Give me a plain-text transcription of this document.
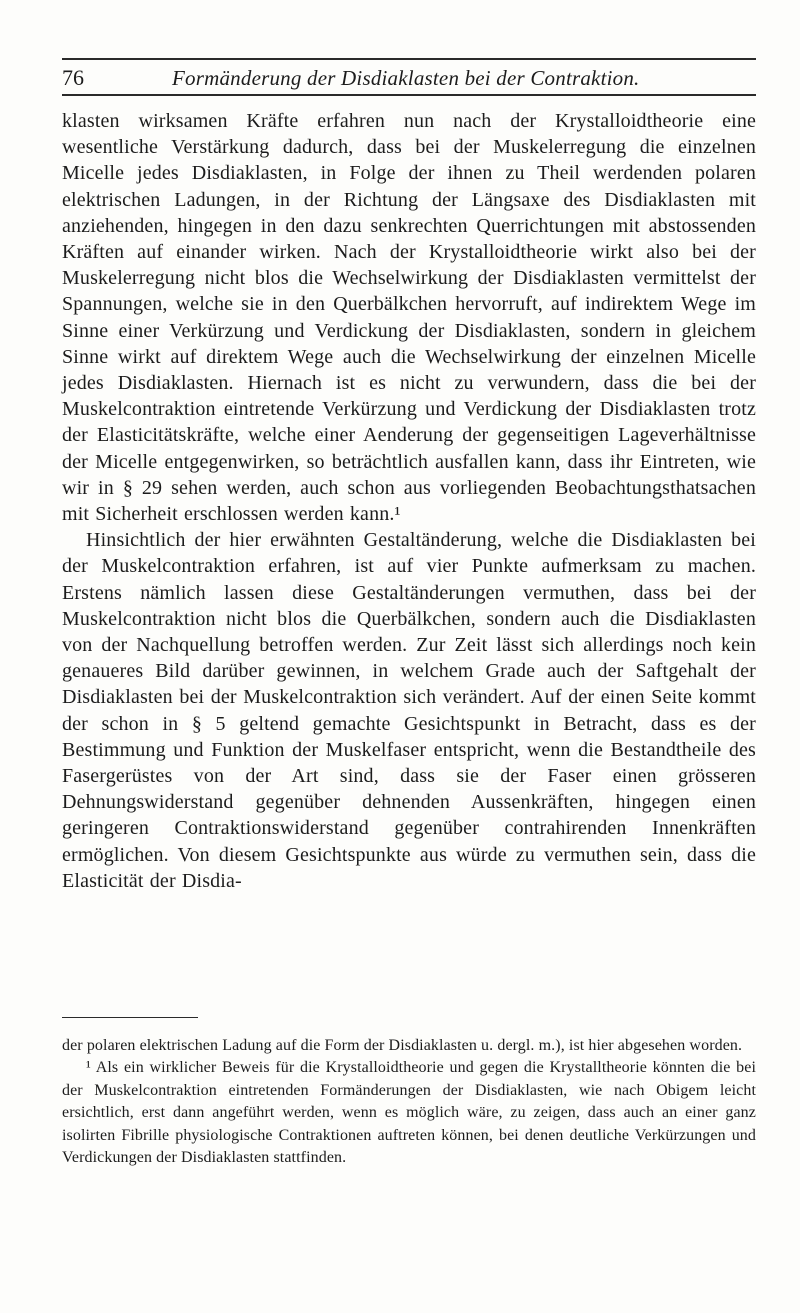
76	Formänderung der Disdiaklasten bei der Contraktion.

klasten wirksamen Kräfte erfahren nun nach der Krystalloidtheorie eine wesentliche Verstärkung dadurch, dass bei der Muskelerregung die einzelnen Micelle jedes Disdiaklasten, in Folge der ihnen zu Theil werdenden polaren elektrischen Ladungen, in der Richtung der Längsaxe des Disdiaklasten mit anziehenden, hingegen in den dazu senkrechten Querrichtungen mit abstossenden Kräften auf einander wirken. Nach der Krystalloidtheorie wirkt also bei der Muskelerregung nicht blos die Wechselwirkung der Disdiaklasten vermittelst der Spannungen, welche sie in den Querbälkchen hervorruft, auf indirektem Wege im Sinne einer Verkürzung und Verdickung der Disdiaklasten, sondern in gleichem Sinne wirkt auf direktem Wege auch die Wechselwirkung der einzelnen Micelle jedes Disdiaklasten. Hiernach ist es nicht zu verwundern, dass die bei der Muskelcontraktion eintretende Verkürzung und Verdickung der Disdiaklasten trotz der Elasticitätskräfte, welche einer Aenderung der gegenseitigen Lageverhältnisse der Micelle entgegenwirken, so beträchtlich ausfallen kann, dass ihr Eintreten, wie wir in § 29 sehen werden, auch schon aus vorliegenden Beobachtungsthatsachen mit Sicherheit erschlossen werden kann.¹

Hinsichtlich der hier erwähnten Gestaltänderung, welche die Disdiaklasten bei der Muskelcontraktion erfahren, ist auf vier Punkte aufmerksam zu machen. Erstens nämlich lassen diese Gestaltänderungen vermuthen, dass bei der Muskelcontraktion nicht blos die Querbälkchen, sondern auch die Disdiaklasten von der Nachquellung betroffen werden. Zur Zeit lässt sich allerdings noch kein genaueres Bild darüber gewinnen, in welchem Grade auch der Saftgehalt der Disdiaklasten bei der Muskelcontraktion sich verändert. Auf der einen Seite kommt der schon in § 5 geltend gemachte Gesichtspunkt in Betracht, dass es der Bestimmung und Funktion der Muskelfaser entspricht, wenn die Bestandtheile des Fasergerüstes von der Art sind, dass sie der Faser einen grösseren Dehnungswiderstand gegenüber dehnenden Aussenkräften, hingegen einen geringeren Contraktionswiderstand gegenüber contrahirenden Innenkräften ermöglichen. Von diesem Gesichtspunkte aus würde zu vermuthen sein, dass die Elasticität der Disdia-

der polaren elektrischen Ladung auf die Form der Disdiaklasten u. dergl. m.), ist hier abgesehen worden.

¹ Als ein wirklicher Beweis für die Krystalloidtheorie und gegen die Krystalltheorie könnten die bei der Muskelcontraktion eintretenden Formänderungen der Disdiaklasten, wie nach Obigem leicht ersichtlich, erst dann angeführt werden, wenn es möglich wäre, zu zeigen, dass auch an einer ganz isolirten Fibrille physiologische Contraktionen auftreten können, bei denen deutliche Verkürzungen und Verdickungen der Disdiaklasten stattfinden.
